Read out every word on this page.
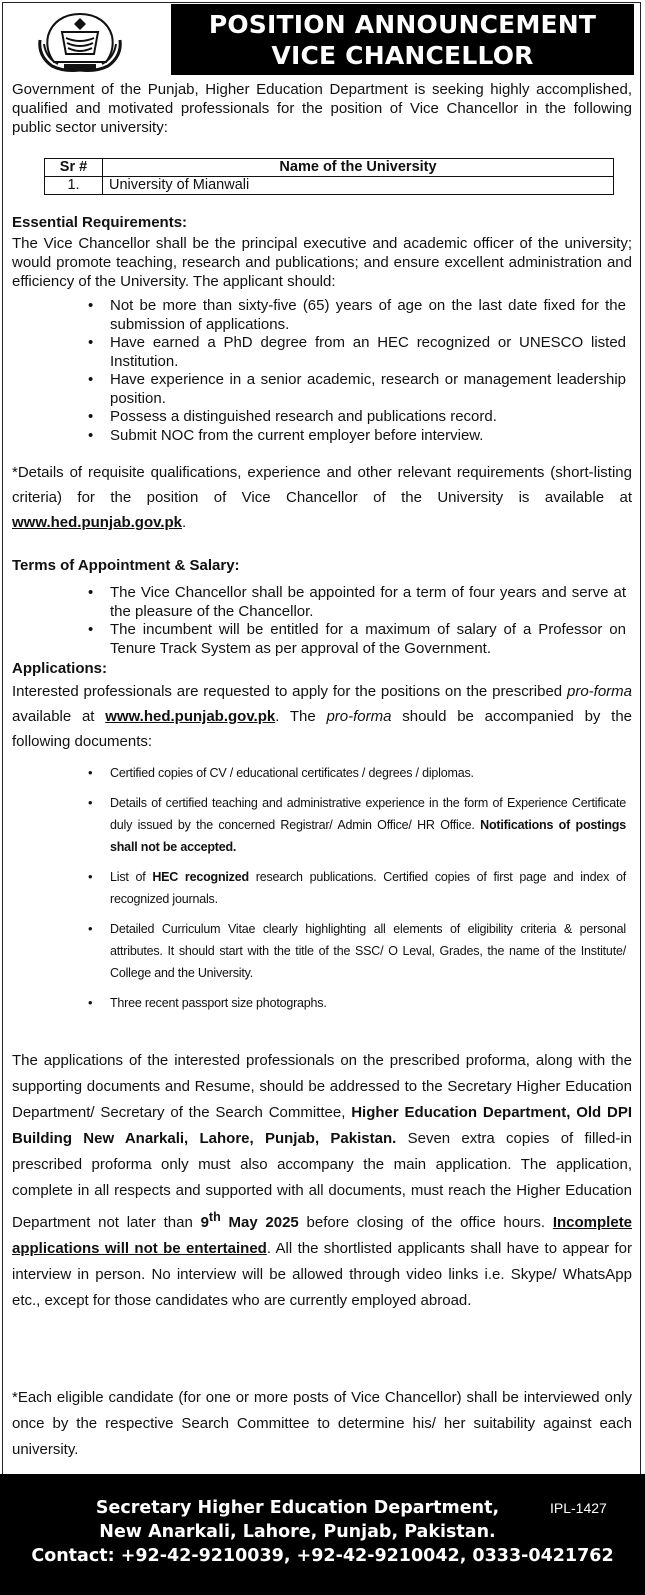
POSITION ANNOUNCEMENT
VICE CHANCELLOR
Government of the Punjab, Higher Education Department is seeking highly accomplished, qualified and motivated professionals for the position of Vice Chancellor in the following public sector university:
Sr #	Name of the University
1.	University of Mianwali
Essential Requirements:
The Vice Chancellor shall be the principal executive and academic officer of the university; would promote teaching, research and publications; and ensure excellent administration and efficiency of the University. The applicant should:
• Not be more than sixty-five (65) years of age on the last date fixed for the submission of applications.
• Have earned a PhD degree from an HEC recognized or UNESCO listed Institution.
• Have experience in a senior academic, research or management leadership position.
• Possess a distinguished research and publications record.
• Submit NOC from the current employer before interview.
*Details of requisite qualifications, experience and other relevant requirements (short-listing criteria) for the position of Vice Chancellor of the University is available at www.hed.punjab.gov.pk.
Terms of Appointment & Salary:
• The Vice Chancellor shall be appointed for a term of four years and serve at the pleasure of the Chancellor.
• The incumbent will be entitled for a maximum of salary of a Professor on Tenure Track System as per approval of the Government.
Applications:
Interested professionals are requested to apply for the positions on the prescribed pro-forma available at www.hed.punjab.gov.pk. The pro-forma should be accompanied by the following documents:
• Certified copies of CV / educational certificates / degrees / diplomas.
• Details of certified teaching and administrative experience in the form of Experience Certificate duly issued by the concerned Registrar/ Admin Office/ HR Office. Notifications of postings shall not be accepted.
• List of HEC recognized research publications. Certified copies of first page and index of recognized journals.
• Detailed Curriculum Vitae clearly highlighting all elements of eligibility criteria & personal attributes. It should start with the title of the SSC/ O Leval, Grades, the name of the Institute/ College and the University.
• Three recent passport size photographs.
The applications of the interested professionals on the prescribed proforma, along with the supporting documents and Resume, should be addressed to the Secretary Higher Education Department/ Secretary of the Search Committee, Higher Education Department, Old DPI Building New Anarkali, Lahore, Punjab, Pakistan. Seven extra copies of filled-in prescribed proforma only must also accompany the main application. The application, complete in all respects and supported with all documents, must reach the Higher Education Department not later than 9th May 2025 before closing of the office hours. Incomplete applications will not be entertained. All the shortlisted applicants shall have to appear for interview in person. No interview will be allowed through video links i.e. Skype/ WhatsApp etc., except for those candidates who are currently employed abroad.
*Each eligible candidate (for one or more posts of Vice Chancellor) shall be interviewed only once by the respective Search Committee to determine his/ her suitability against each university.
Secretary Higher Education Department,
New Anarkali, Lahore, Punjab, Pakistan.
Contact: +92-42-9210039, +92-42-9210042, 0333-0421762
IPL-1427
